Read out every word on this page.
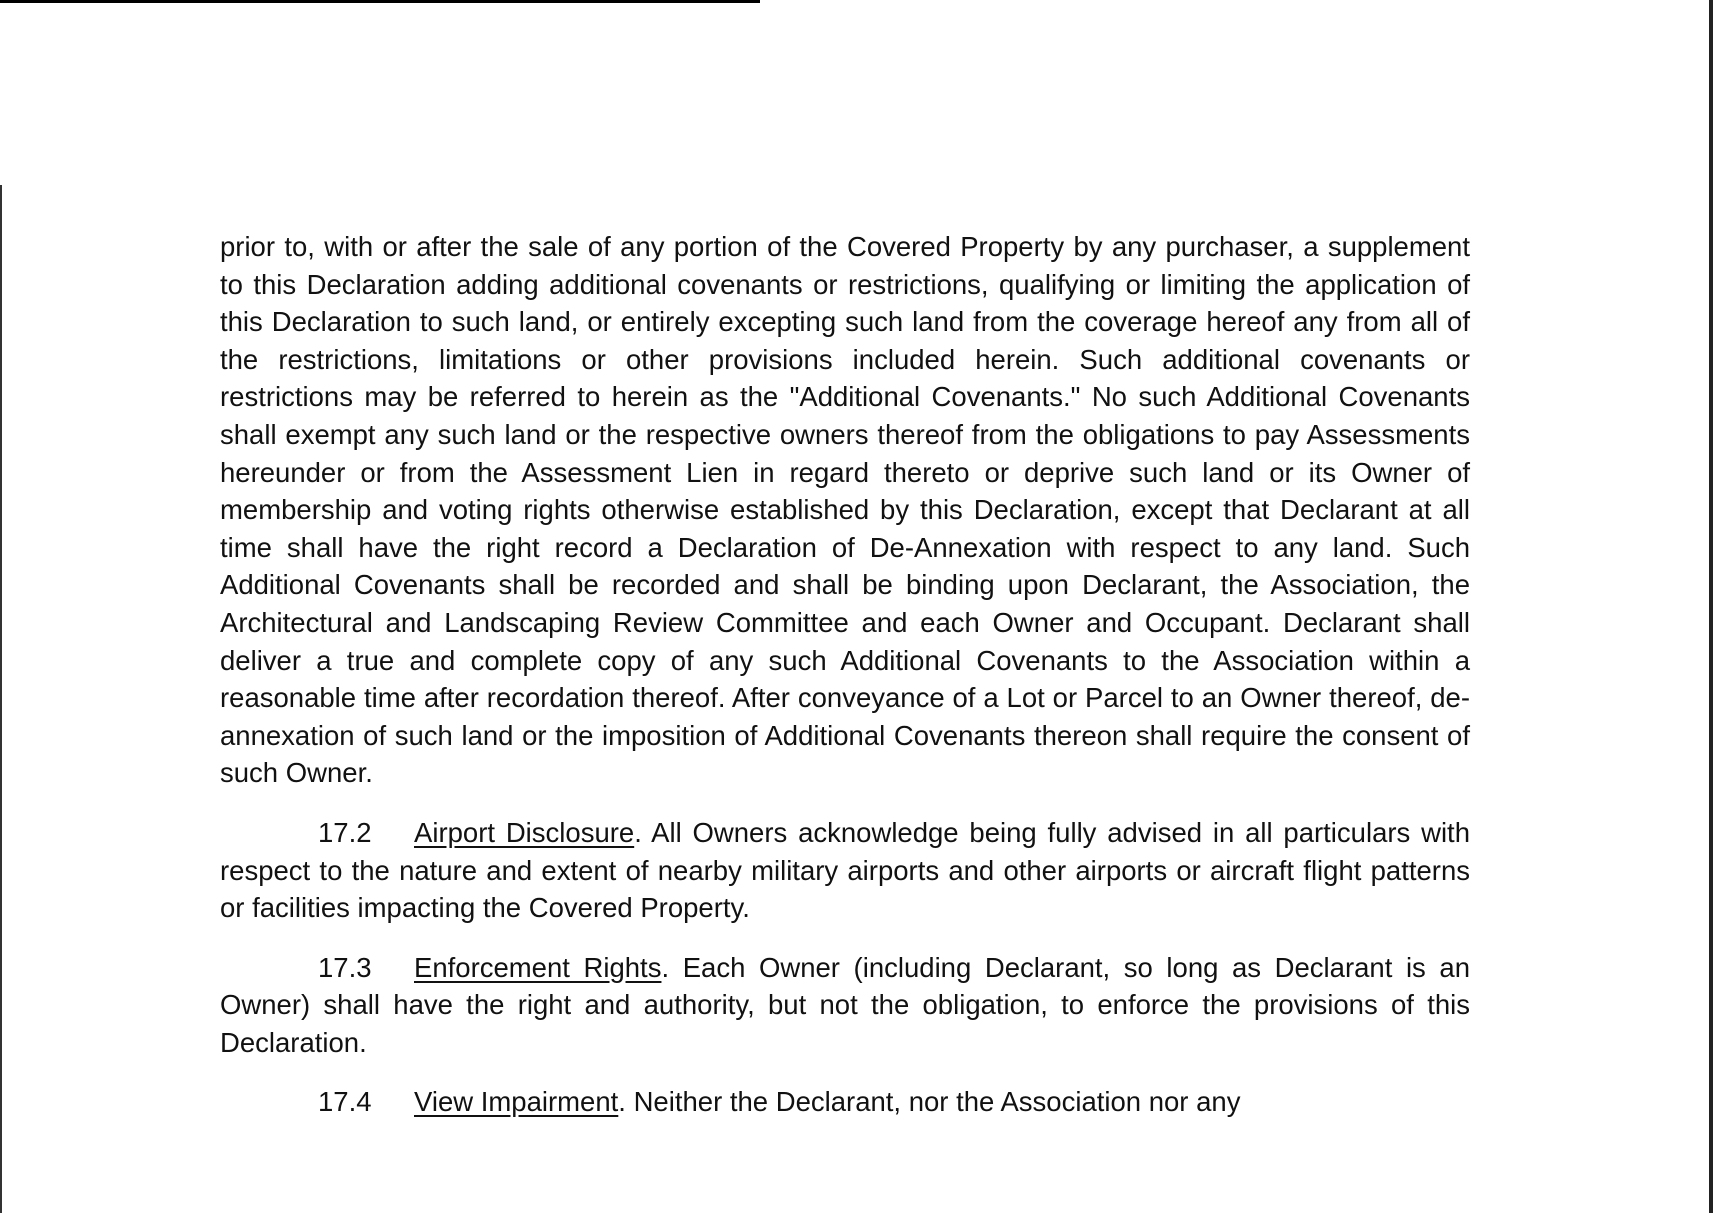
prior to, with or after the sale of any portion of the Covered Property by any purchaser, a supplement to this Declaration adding additional covenants or restrictions, qualifying or limiting the application of this Declaration to such land, or entirely excepting such land from the coverage hereof any from all of the restrictions, limitations or other provisions included herein. Such additional covenants or restrictions may be referred to herein as the "Additional Covenants." No such Additional Covenants shall exempt any such land or the respective owners thereof from the obligations to pay Assessments hereunder or from the Assessment Lien in regard thereto or deprive such land or its Owner of membership and voting rights otherwise established by this Declaration, except that Declarant at all time shall have the right record a Declaration of De-Annexation with respect to any land. Such Additional Covenants shall be recorded and shall be binding upon Declarant, the Association, the Architectural and Landscaping Review Committee and each Owner and Occupant. Declarant shall deliver a true and complete copy of any such Additional Covenants to the Association within a reasonable time after recordation thereof. After conveyance of a Lot or Parcel to an Owner thereof, de-annexation of such land or the imposition of Additional Covenants thereon shall require the consent of such Owner.

17.2 Airport Disclosure. All Owners acknowledge being fully advised in all particulars with respect to the nature and extent of nearby military airports and other airports or aircraft flight patterns or facilities impacting the Covered Property.

17.3 Enforcement Rights. Each Owner (including Declarant, so long as Declarant is an Owner) shall have the right and authority, but not the obligation, to enforce the provisions of this Declaration.

17.4 View Impairment. Neither the Declarant, nor the Association nor any
